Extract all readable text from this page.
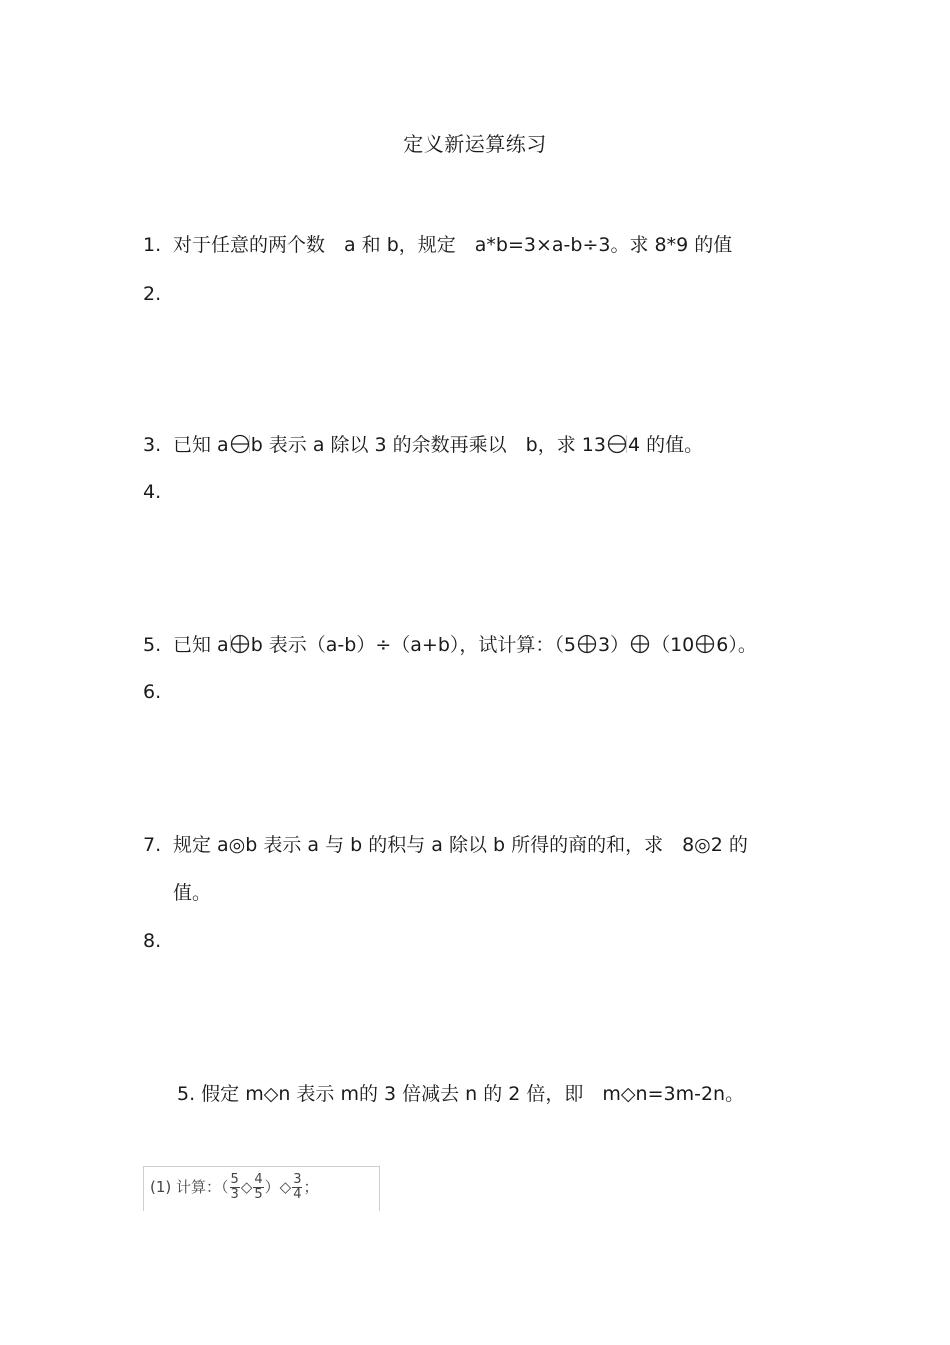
定义新运算练习
1. 对于任意的两个数　a 和 b，规定　a*b=3×a-b÷3。求 8*9 的值
2.
3. 已知 a b 表示 a 除以 3 的余数再乘以　b，求 13 4 的值。
4.
5. 已知 a b 表示（a-b）÷（a+b），试计算：（5 3） （10 6）。
6.
7. 规定 a◎b 表示 a 与 b 的积与 a 除以 b 所得的商的和，求　8◎2 的
值。
8.
5. 假定 m◇n 表示 m的 3 倍减去 n 的 2 倍，即　m◇n=3m-2n。
(1) 计算：（ $\frac{5}{3}$ ◇ $\frac{4}{5}$ ）◇ $\frac{3}{4}$ ；
